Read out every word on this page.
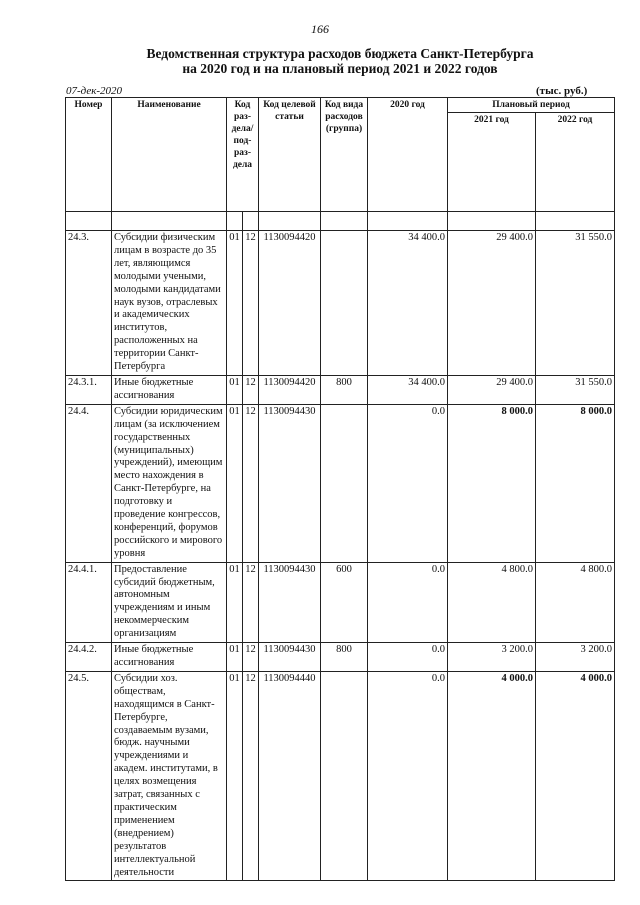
166
Ведомственная структура расходов бюджета Санкт-Петербурга
на 2020 год и на плановый период 2021 и 2022 годов
07-дек-2020	(тыс. руб.)
Номер	Наименование	Код раз-дела/ под-раз-дела		Код целевой статьи	Код вида расходов (группа)	2020 год	Плановый период	
							2021 год	2022 год

24.3.	Субсидии физическим лицам в возрасте до 35 лет, являющимся молодыми учеными, молодыми кандидатами наук вузов, отраслевых и академических институтов, расположенных на территории Санкт-Петербурга	01	12	1130094420		34 400.0	29 400.0	31 550.0
24.3.1.	Иные бюджетные ассигнования	01	12	1130094420	800	34 400.0	29 400.0	31 550.0
24.4.	Субсидии юридическим лицам (за исключением государственных (муниципальных) учреждений), имеющим место нахождения в Санкт-Петербурге, на подготовку и проведение конгрессов, конференций, форумов российского и мирового уровня	01	12	1130094430		0.0	8 000.0	8 000.0
24.4.1.	Предоставление субсидий бюджетным, автономным учреждениям и иным некоммерческим организациям	01	12	1130094430	600	0.0	4 800.0	4 800.0
24.4.2.	Иные бюджетные ассигнования	01	12	1130094430	800	0.0	3 200.0	3 200.0
24.5.	Субсидии хоз. обществам, находящимся в Санкт-Петербурге, создаваемым вузами, бюдж. научными учреждениями и академ. институтами, в целях возмещения затрат, связанных с практическим применением (внедрением) результатов интеллектуальной деятельности	01	12	1130094440		0.0	4 000.0	4 000.0
